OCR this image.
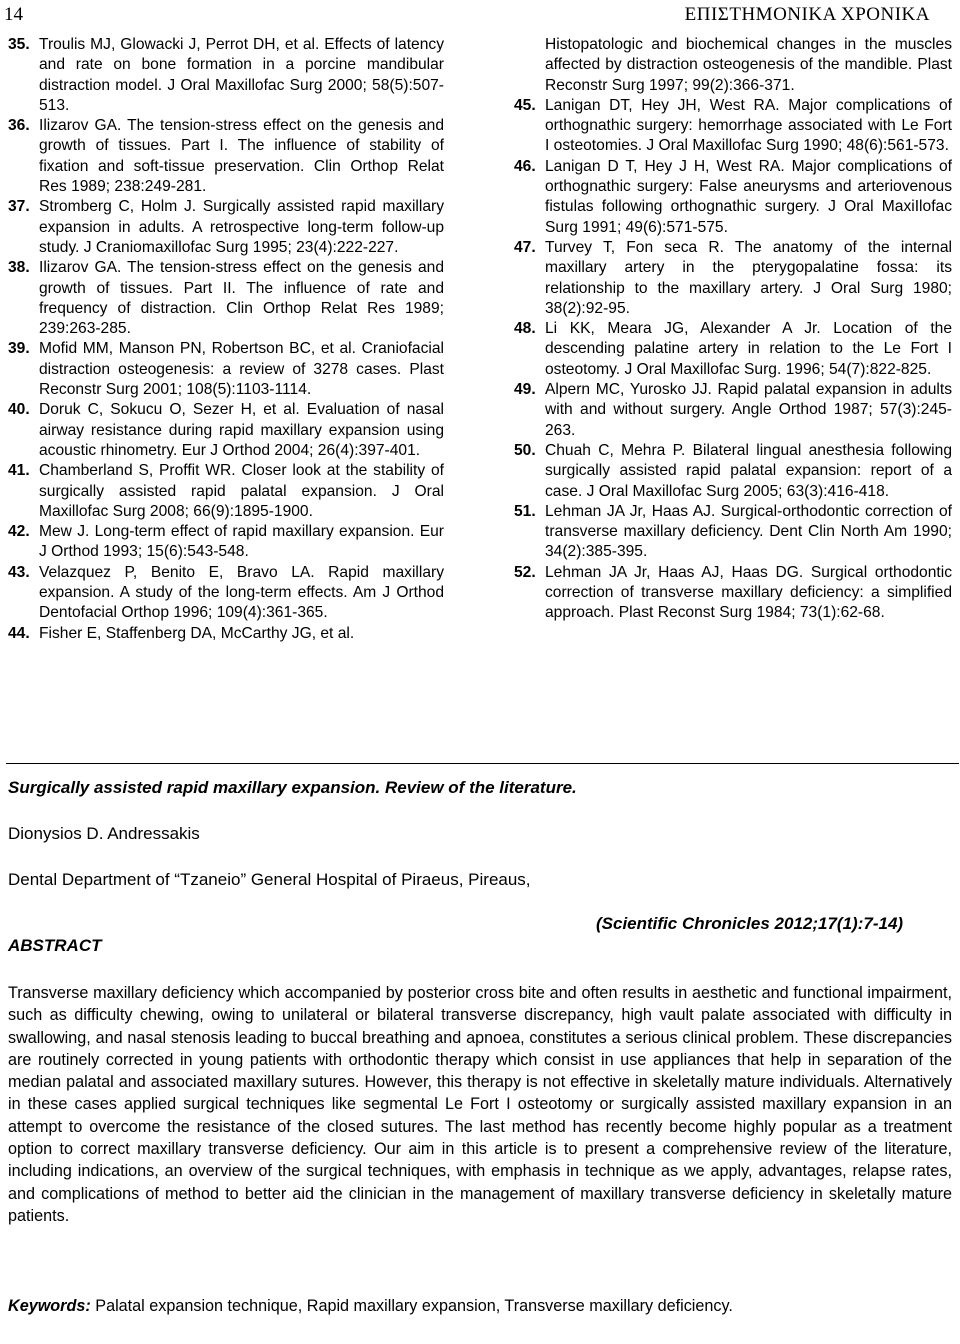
14	ΕΠΙΣΤΗΜΟΝΙΚΑ ΧΡΟΝΙΚΑ
35. Troulis MJ, Glowacki J, Perrot DH, et al. Effects of latency and rate on bone formation in a porcine mandibular distraction model. J Oral Maxillofac Surg 2000; 58(5):507-513.
36. Ilizarov GA. The tension-stress effect on the genesis and growth of tissues. Part I. The influence of stability of fixation and soft-tissue preservation. Clin Orthop Relat Res 1989; 238:249-281.
37. Stromberg C, Holm J. Surgically assisted rapid maxillary expansion in adults. A retrospective long-term follow-up study. J Craniomaxillofac Surg 1995; 23(4):222-227.
38. Ilizarov GA. The tension-stress effect on the genesis and growth of tissues. Part II. The influence of rate and frequency of distraction. Clin Orthop Relat Res 1989; 239:263-285.
39. Mofid MM, Manson PN, Robertson BC, et al. Craniofacial distraction osteogenesis: a review of 3278 cases. Plast Reconstr Surg 2001; 108(5):1103-1114.
40. Doruk C, Sokucu O, Sezer H, et al. Evaluation of nasal airway resistance during rapid maxillary expansion using acoustic rhinometry. Eur J Orthod 2004; 26(4):397-401.
41. Chamberland S, Proffit WR. Closer look at the stability of surgically assisted rapid palatal expansion. J Oral Maxillofac Surg 2008; 66(9):1895-1900.
42. Mew J. Long-term effect of rapid maxillary expansion. Eur J Orthod 1993; 15(6):543-548.
43. Velazquez P, Benito E, Bravo LA. Rapid maxillary expansion. A study of the long-term effects. Am J Orthod Dentofacial Orthop 1996; 109(4):361-365.
44. Fisher E, Staffenberg DA, McCarthy JG, et al.
Histopatologic and biochemical changes in the muscles affected by distraction osteogenesis of the mandible. Plast Reconstr Surg 1997; 99(2):366-371.
45. Lanigan DT, Hey JH, West RA. Major complications of orthognathic surgery: hemorrhage associated with Le Fort I osteotomies. J Oral Maxillofac Surg 1990; 48(6):561-573.
46. Lanigan D T, Hey J H, West RA. Major complications of orthognathic surgery: False aneurysms and arteriovenous fistulas following orthognathic surgery. J Oral MaxiIlofac Surg 1991; 49(6):571-575.
47. Turvey T, Fon seca R. The anatomy of the internal maxillary artery in the pterygopalatine fossa: its relationship to the maxillary artery. J Oral Surg 1980; 38(2):92-95.
48. Li KK, Meara JG, Alexander A Jr. Location of the descending palatine artery in relation to the Le Fort I osteotomy. J Oral Maxillofac Surg. 1996; 54(7):822-825.
49. Alpern MC, Yurosko JJ. Rapid palatal expansion in adults with and without surgery. Angle Orthod 1987; 57(3):245-263.
50. Chuah C, Mehra P. Bilateral lingual anesthesia following surgically assisted rapid palatal expansion: report of a case. J Oral Maxillofac Surg 2005; 63(3):416-418.
51. Lehman JA Jr, Haas AJ. Surgical-orthodontic correction of transverse maxillary deficiency. Dent Clin North Am 1990; 34(2):385-395.
52. Lehman JA Jr, Haas AJ, Haas DG. Surgical orthodontic correction of transverse maxillary deficiency: a simplified approach. Plast Reconst Surg 1984; 73(1):62-68.
Surgically assisted rapid maxillary expansion. Review of the literature.
Dionysios D. Andressakis
Dental Department of “Tzaneio” General Hospital of Piraeus, Pireaus,
(Scientific Chronicles 2012;17(1):7-14)
ABSTRACT
Transverse maxillary deficiency which accompanied by posterior cross bite and often results in aesthetic and functional impairment, such as difficulty chewing, owing to unilateral or bilateral transverse discrepancy, high vault palate associated with difficulty in swallowing, and nasal stenosis leading to buccal breathing and apnoea, constitutes a serious clinical problem. These discrepancies are routinely corrected in young patients with orthodontic therapy which consist in use appliances that help in separation of the median palatal and associated maxillary sutures. However, this therapy is not effective in skeletally mature individuals. Alternatively in these cases applied surgical techniques like segmental Le Fort I osteotomy or surgically assisted maxillary expansion in an attempt to overcome the resistance of the closed sutures. The last method has recently become highly popular as a treatment option to correct maxillary transverse deficiency. Our aim in this article is to present a comprehensive review of the literature, including indications, an overview of the surgical techniques, with emphasis in technique as we apply, advantages, relapse rates, and complications of method to better aid the clinician in the management of maxillary transverse deficiency in skeletally mature patients.
Keywords: Palatal expansion technique, Rapid maxillary expansion, Transverse maxillary deficiency.
